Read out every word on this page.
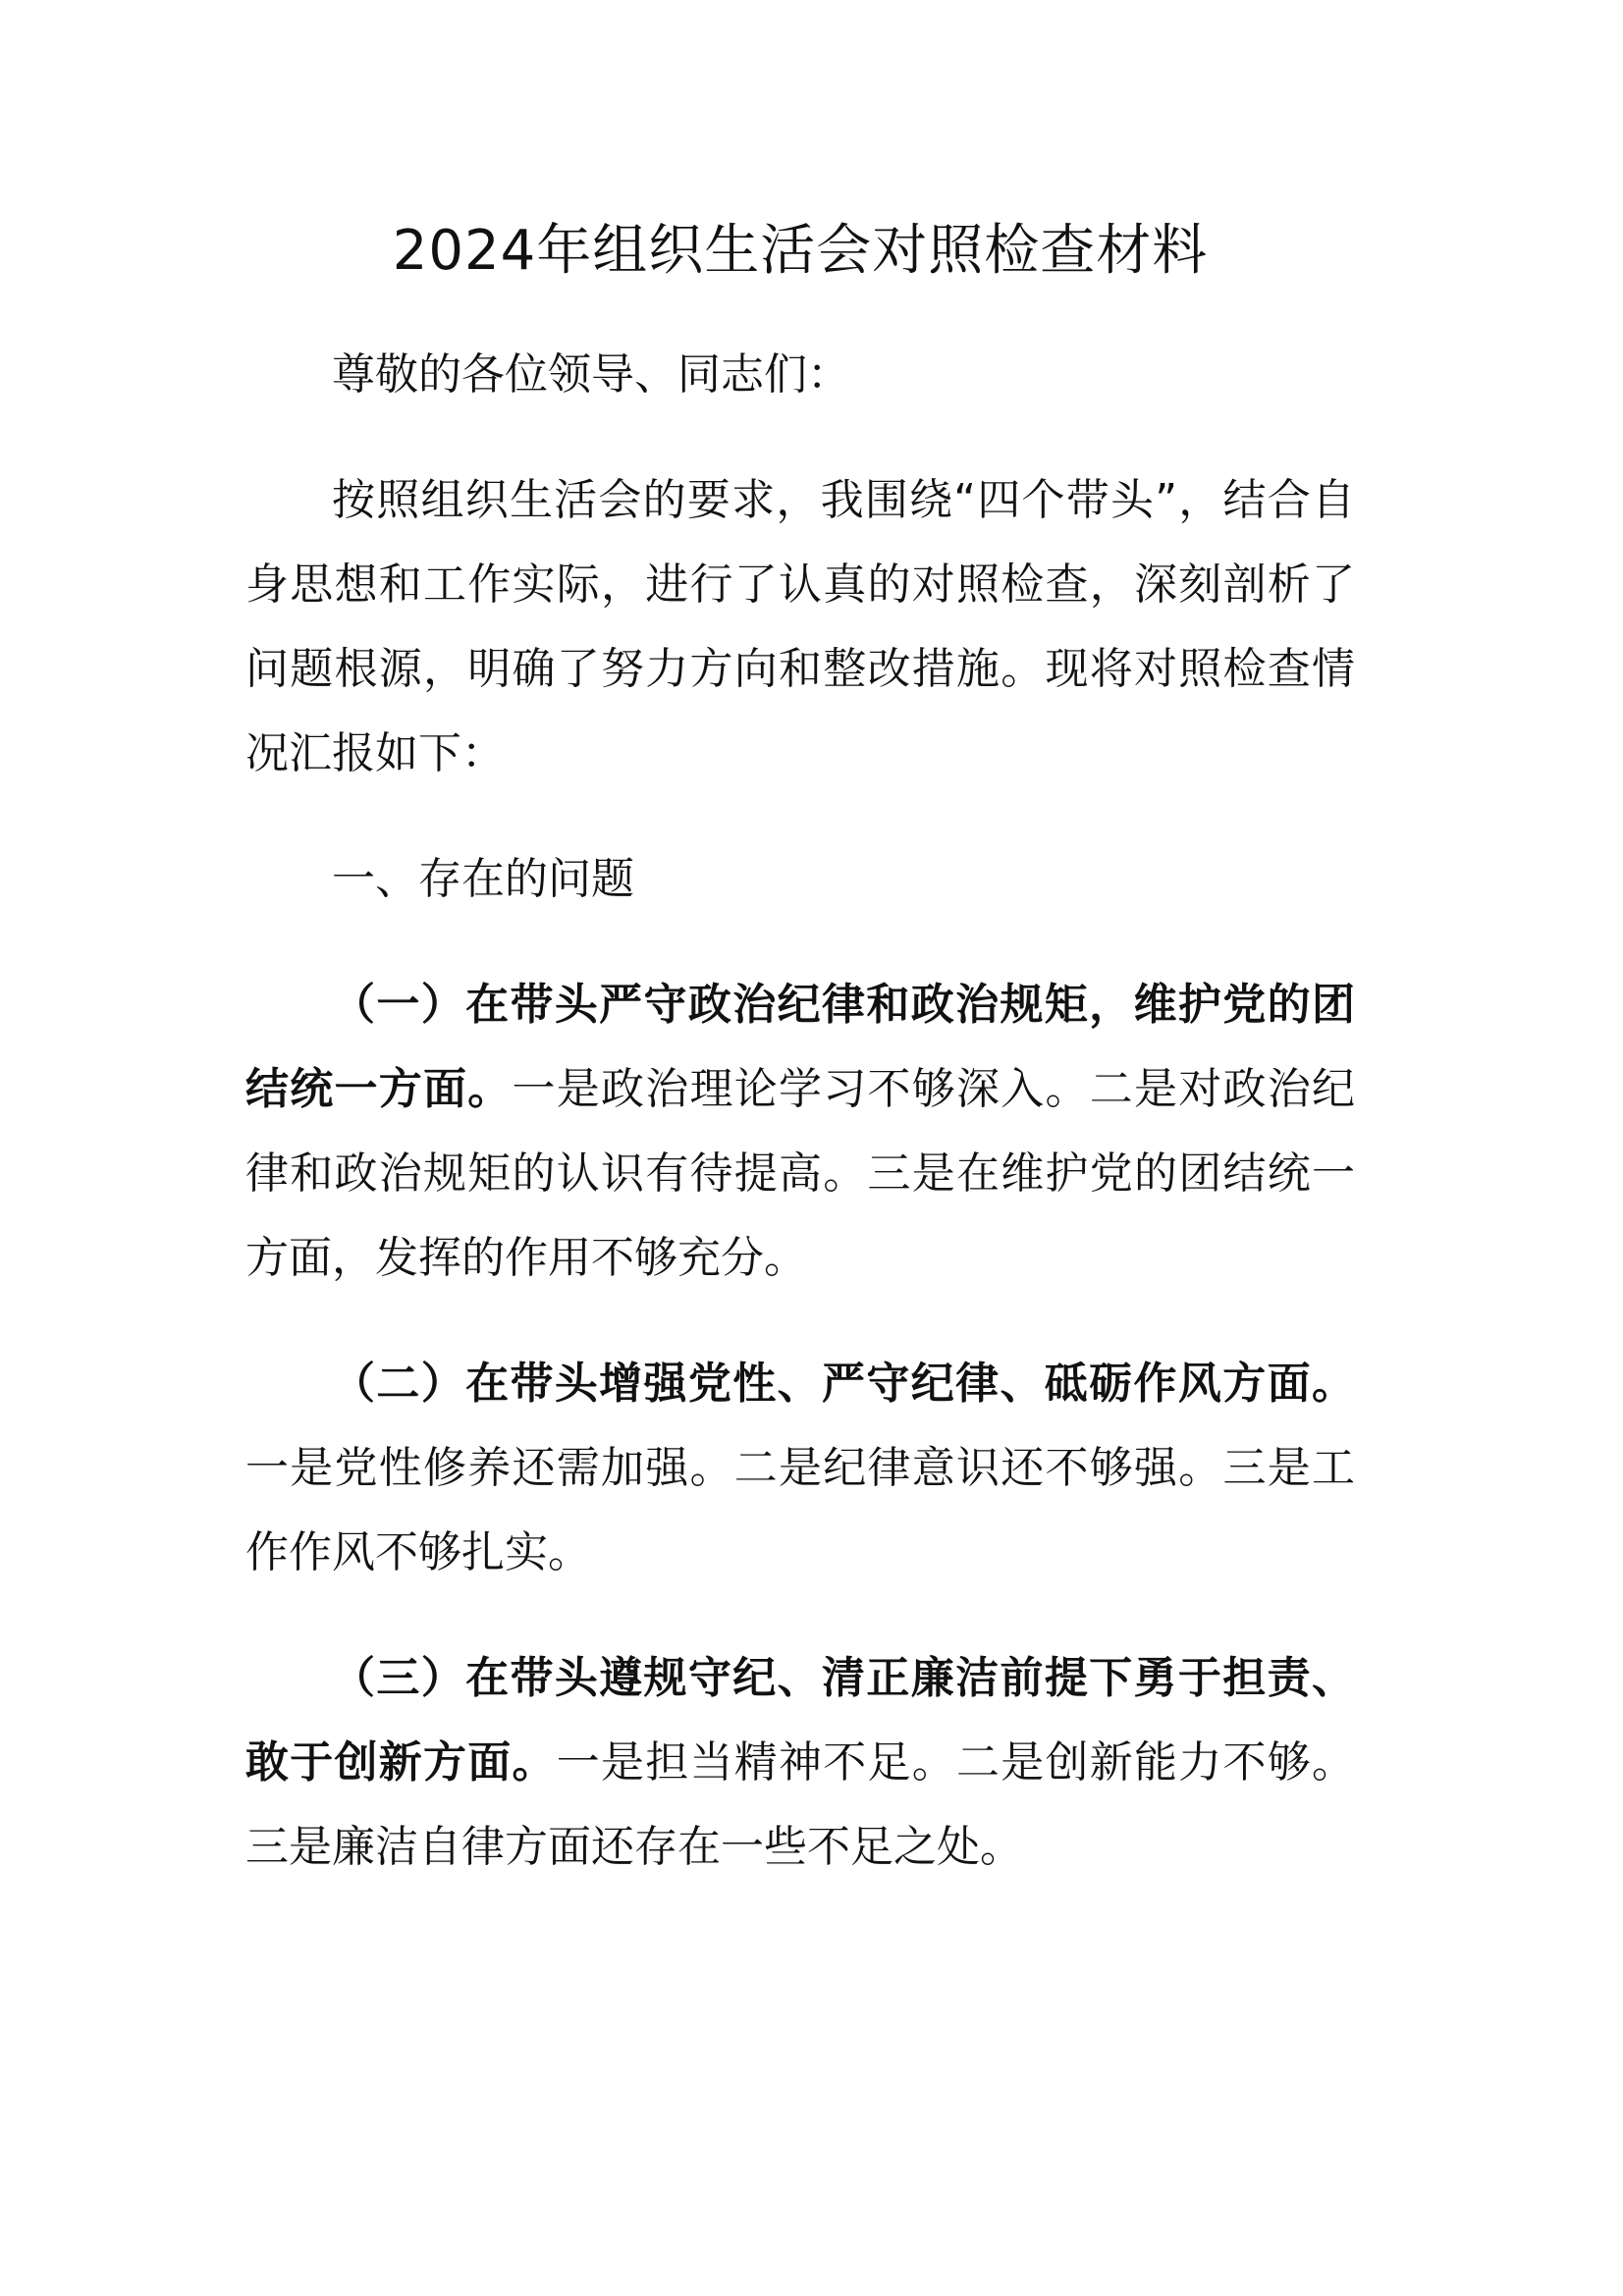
2024年组织生活会对照检查材料

尊敬的各位领导、同志们：

按照组织生活会的要求，我围绕“四个带头”，结合自身思想和工作实际，进行了认真的对照检查，深刻剖析了问题根源，明确了努力方向和整改措施。现将对照检查情况汇报如下：

一、存在的问题

（一）在带头严守政治纪律和政治规矩，维护党的团结统一方面。一是政治理论学习不够深入。二是对政治纪律和政治规矩的认识有待提高。三是在维护党的团结统一方面，发挥的作用不够充分。

（二）在带头增强党性、严守纪律、砥砺作风方面。一是党性修养还需加强。二是纪律意识还不够强。三是工作作风不够扎实。

（三）在带头遵规守纪、清正廉洁前提下勇于担责、敢于创新方面。一是担当精神不足。二是创新能力不够。三是廉洁自律方面还存在一些不足之处。
